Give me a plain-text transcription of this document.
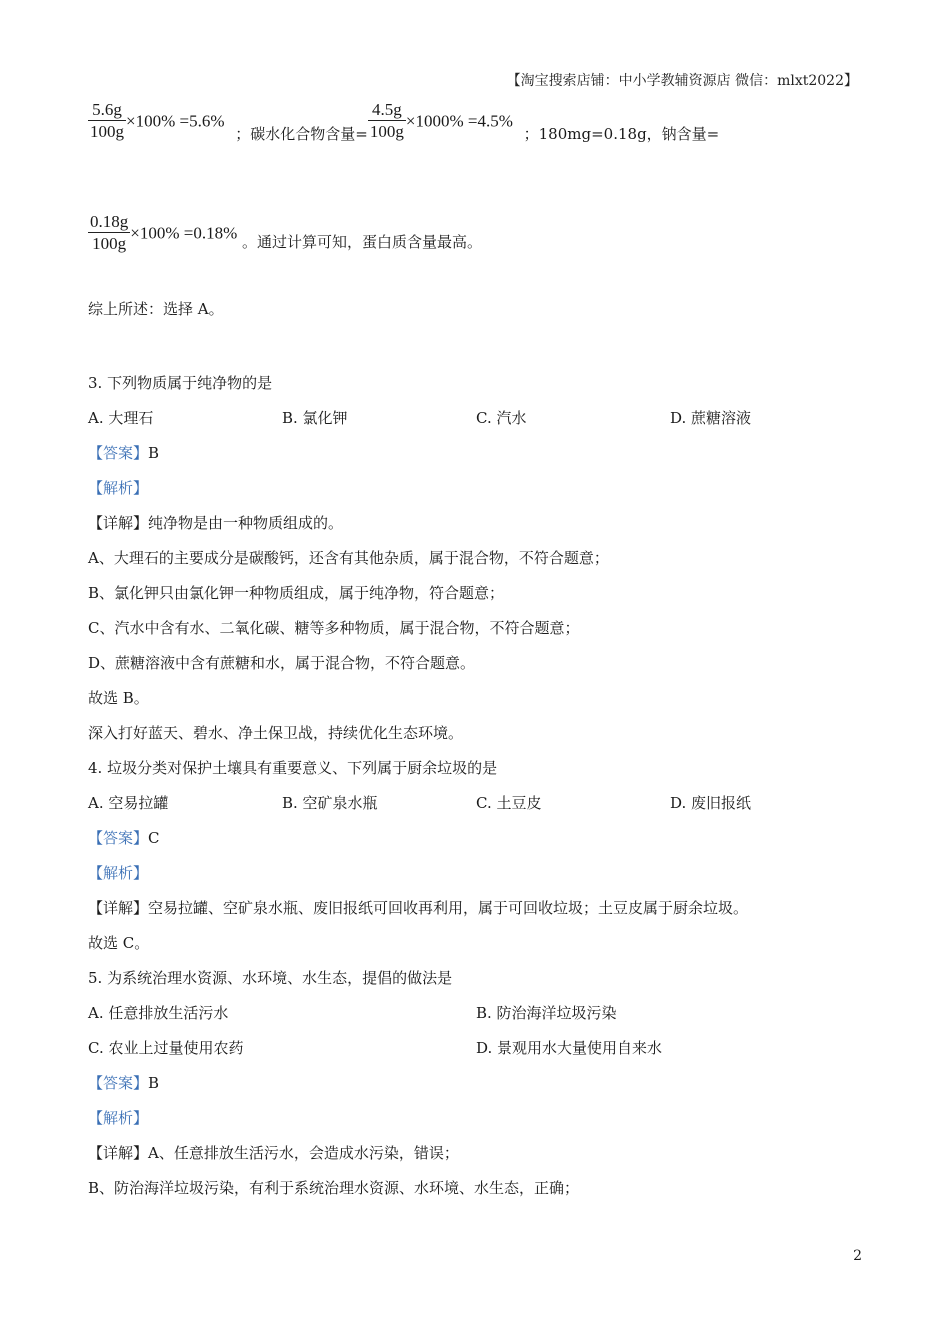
【淘宝搜索店铺：中小学教辅资源店 微信：mlxt2022】
$\frac{5.6g}{100g} \times 100\% =5.6\%$ ；碳水化合物含量= $\frac{4.5g}{100g} \times 1000\% =4.5\%$ ；180mg=0.18g，钠含量=
$\frac{0.18g}{100g} \times 100\% =0.18\%$ 。通过计算可知，蛋白质含量最高。
综上所述：选择 A。
3. 下列物质属于纯净物的是
A. 大理石	B. 氯化钾	C. 汽水	D. 蔗糖溶液
【答案】B
【解析】
【详解】纯净物是由一种物质组成的。
A、大理石的主要成分是碳酸钙，还含有其他杂质，属于混合物，不符合题意；
B、氯化钾只由氯化钾一种物质组成，属于纯净物，符合题意；
C、汽水中含有水、二氧化碳、糖等多种物质，属于混合物，不符合题意；
D、蔗糖溶液中含有蔗糖和水，属于混合物，不符合题意。
故选 B。
深入打好蓝天、碧水、净土保卫战，持续优化生态环境。
4. 垃圾分类对保护土壤具有重要意义、下列属于厨余垃圾的是
A. 空易拉罐	B. 空矿泉水瓶	C. 土豆皮	D. 废旧报纸
【答案】C
【解析】
【详解】空易拉罐、空矿泉水瓶、废旧报纸可回收再利用，属于可回收垃圾；土豆皮属于厨余垃圾。
故选 C。
5. 为系统治理水资源、水环境、水生态，提倡的做法是
A. 任意排放生活污水	B. 防治海洋垃圾污染
C. 农业上过量使用农药	D. 景观用水大量使用自来水
【答案】B
【解析】
【详解】A、任意排放生活污水，会造成水污染，错误；
B、防治海洋垃圾污染，有利于系统治理水资源、水环境、水生态，正确；
2
